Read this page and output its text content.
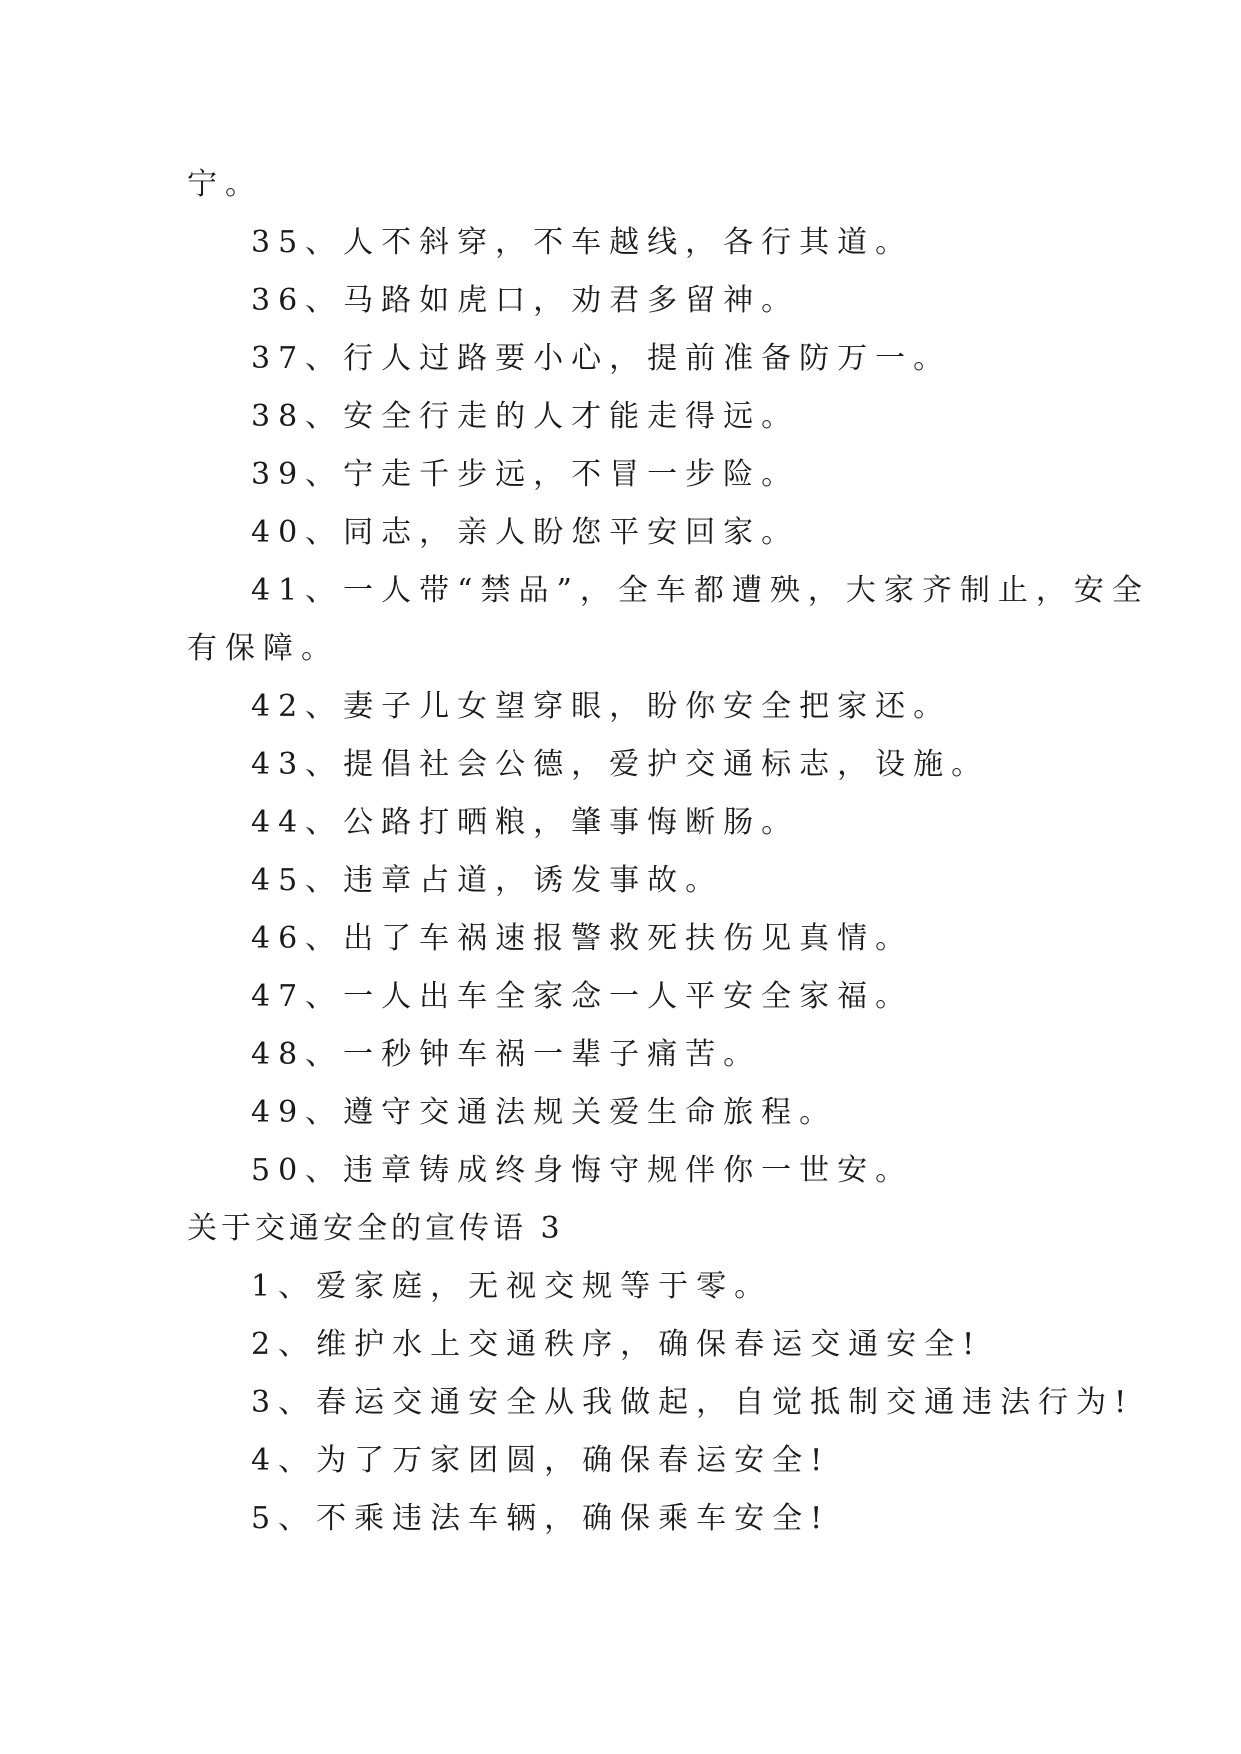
宁。
35、人不斜穿，不车越线，各行其道。
36、马路如虎口，劝君多留神。
37、行人过路要小心，提前准备防万一。
38、安全行走的人才能走得远。
39、宁走千步远，不冒一步险。
40、同志，亲人盼您平安回家。
41、一人带“禁品”，全车都遭殃，大家齐制止，安全
有保障。
42、妻子儿女望穿眼，盼你安全把家还。
43、提倡社会公德，爱护交通标志，设施。
44、公路打晒粮，肇事悔断肠。
45、违章占道，诱发事故。
46、出了车祸速报警救死扶伤见真情。
47、一人出车全家念一人平安全家福。
48、一秒钟车祸一辈子痛苦。
49、遵守交通法规关爱生命旅程。
50、违章铸成终身悔守规伴你一世安。
关于交通安全的宣传语 3
1、爱家庭，无视交规等于零。
2、维护水上交通秩序，确保春运交通安全!
3、春运交通安全从我做起，自觉抵制交通违法行为!
4、为了万家团圆，确保春运安全!
5、不乘违法车辆，确保乘车安全!
